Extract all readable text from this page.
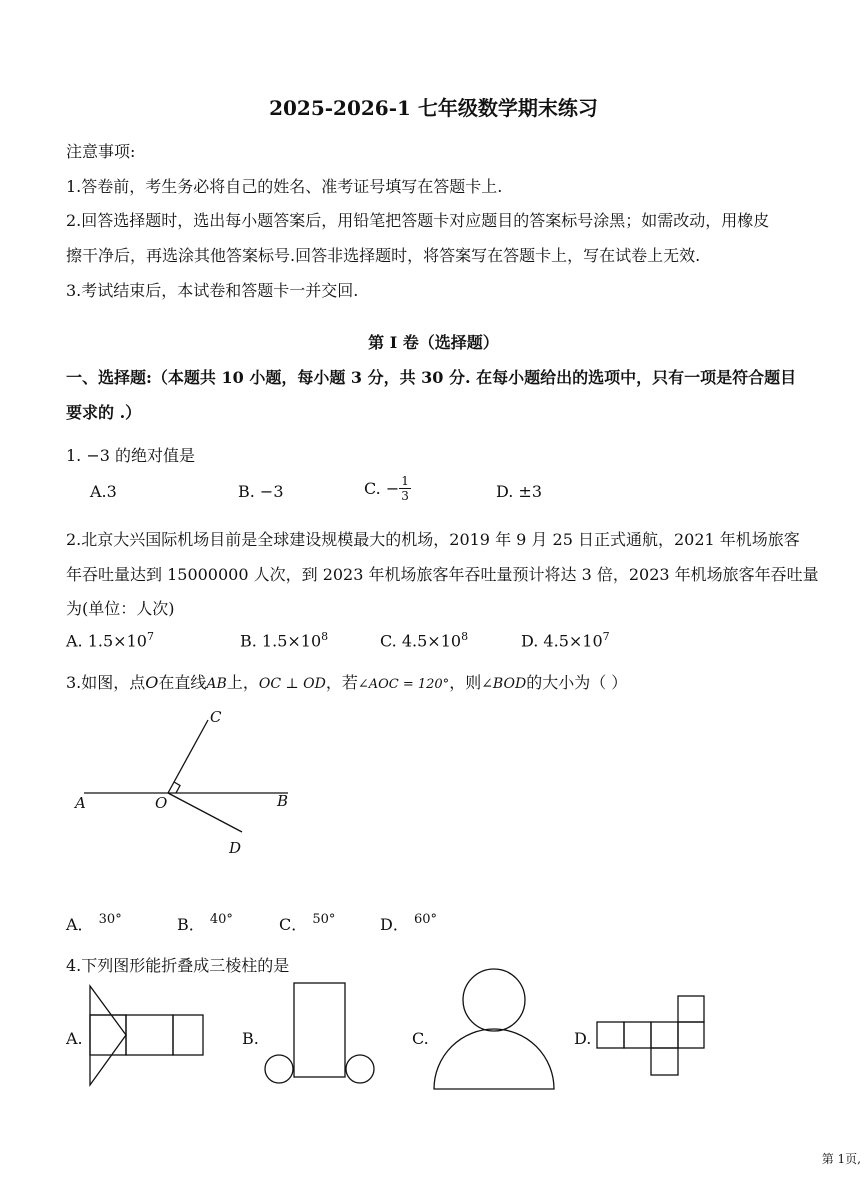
2025-2026-1 七年级数学期末练习
注意事项:
1.答卷前，考生务必将自己的姓名、准考证号填写在答题卡上.
2.回答选择题时，选出每小题答案后，用铅笔把答题卡对应题目的答案标号涂黑；如需改动，用橡皮
擦干净后，再选涂其他答案标号.回答非选择题时，将答案写在答题卡上，写在试卷上无效.
3.考试结束后，本试卷和答题卡一并交回.
第 I 卷（选择题）
一、选择题:（本题共 10 小题，每小题 3 分，共 30 分. 在每小题给出的选项中，只有一项是符合题目
要求的 .）
1. −3 的绝对值是
A.3	B. −3	C. − $\frac{1}{3}$	D. ±3
2.北京大兴国际机场目前是全球建设规模最大的机场，2019 年 9 月 25 日正式通航，2021 年机场旅客
年吞吐量达到 15000000 人次，到 2023 年机场旅客年吞吐量预计将达 3 倍，2023 年机场旅客年吞吐量
为(单位：人次)
A. $1.5\times 10^7$	B. $1.5\times 10^8$	C. $4.5\times 10^8$	D. $4.5\times 10^7$
3.如图，点O在直线AB上，OC ⊥ OD，若∠AOC = 120°，则∠BOD的大小为（ ）
C
A	O	B
D
A． $^{30^\circ}$	B． $^{40^\circ}$	C． $^{50^\circ}$	D． $^{60^\circ}$
4.下列图形能折叠成三棱柱的是
A.	B.	C.	D.
第 1页,
